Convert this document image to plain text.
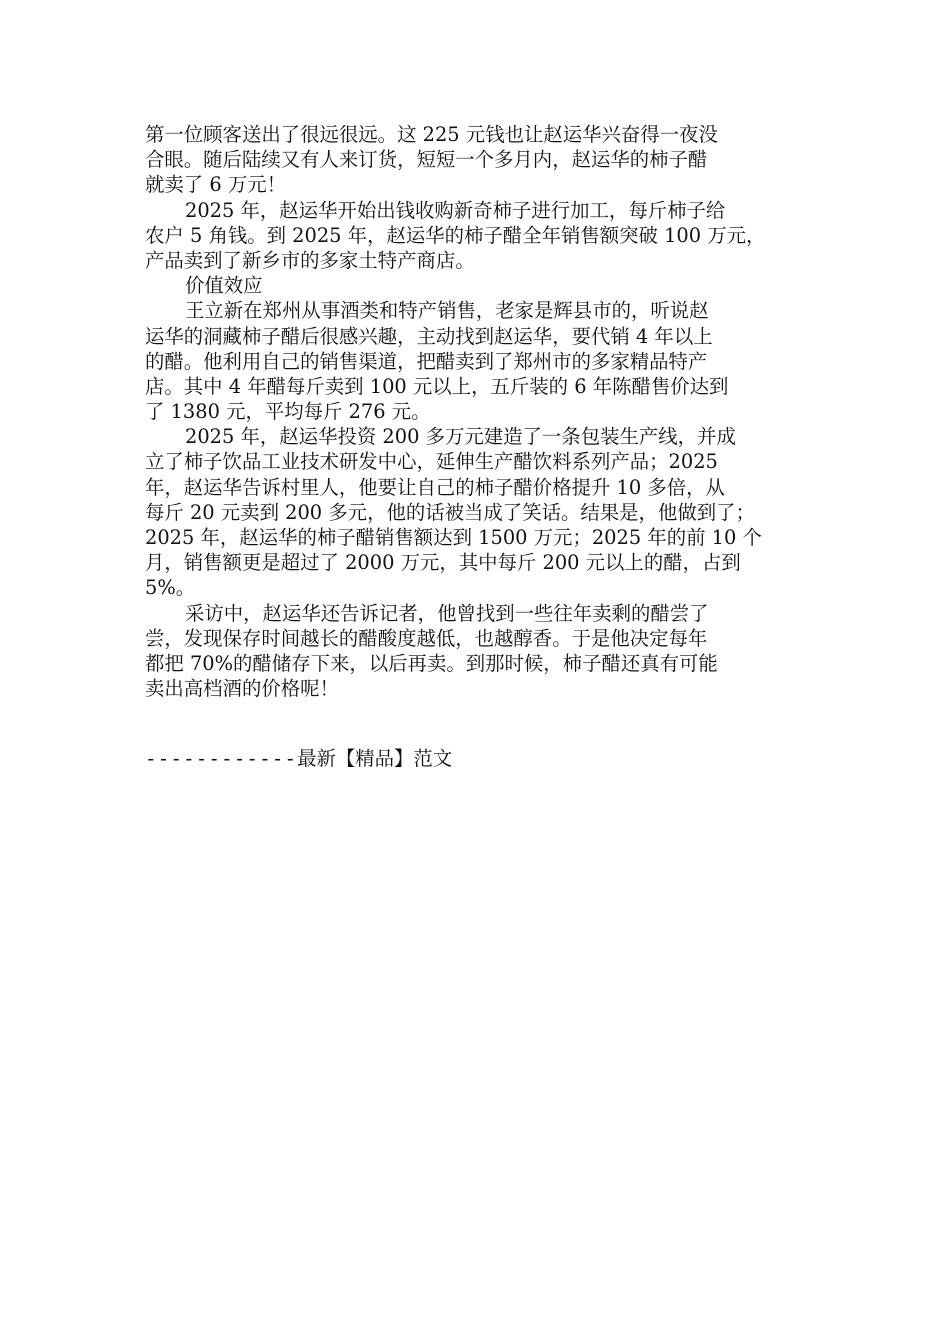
第一位顾客送出了很远很远。这 225 元钱也让赵运华兴奋得一夜没
合眼。随后陆续又有人来订货，短短一个多月内，赵运华的柿子醋
就卖了 6 万元！
2025 年，赵运华开始出钱收购新奇柿子进行加工，每斤柿子给
农户 5 角钱。到 2025 年，赵运华的柿子醋全年销售额突破 100 万元，
产品卖到了新乡市的多家土特产商店。
价值效应
王立新在郑州从事酒类和特产销售，老家是辉县市的，听说赵
运华的洞藏柿子醋后很感兴趣，主动找到赵运华，要代销 4 年以上
的醋。他利用自己的销售渠道，把醋卖到了郑州市的多家精品特产
店。其中 4 年醋每斤卖到 100 元以上，五斤装的 6 年陈醋售价达到
了 1380 元，平均每斤 276 元。
2025 年，赵运华投资 200 多万元建造了一条包装生产线，并成
立了柿子饮品工业技术研发中心，延伸生产醋饮料系列产品；2025
年，赵运华告诉村里人，他要让自己的柿子醋价格提升 10 多倍，从
每斤 20 元卖到 200 多元，他的话被当成了笑话。结果是，他做到了；
2025 年，赵运华的柿子醋销售额达到 1500 万元；2025 年的前 10 个
月，销售额更是超过了 2000 万元，其中每斤 200 元以上的醋，占到
5%。
采访中，赵运华还告诉记者，他曾找到一些往年卖剩的醋尝了
尝，发现保存时间越长的醋酸度越低，也越醇香。于是他决定每年
都把 70%的醋储存下来，以后再卖。到那时候，柿子醋还真有可能
卖出高档酒的价格呢！
------------最新【精品】范文
